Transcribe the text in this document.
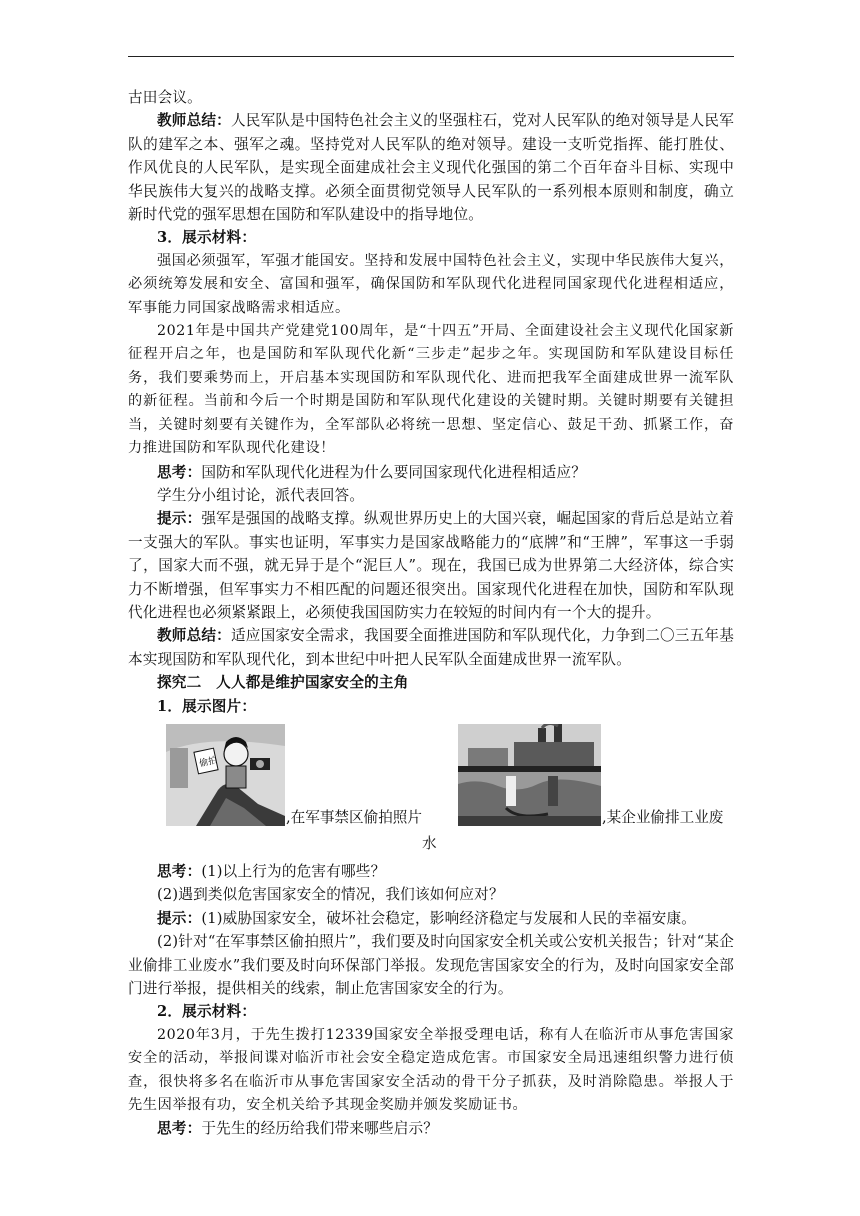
古田会议。

教师总结：人民军队是中国特色社会主义的坚强柱石，党对人民军队的绝对领导是人民军队的建军之本、强军之魂。坚持党对人民军队的绝对领导。建设一支听党指挥、能打胜仗、作风优良的人民军队，是实现全面建成社会主义现代化强国的第二个百年奋斗目标、实现中华民族伟大复兴的战略支撑。必须全面贯彻党领导人民军队的一系列根本原则和制度，确立新时代党的强军思想在国防和军队建设中的指导地位。

3．展示材料：

强国必须强军，军强才能国安。坚持和发展中国特色社会主义，实现中华民族伟大复兴，必须统筹发展和安全、富国和强军，确保国防和军队现代化进程同国家现代化进程相适应，军事能力同国家战略需求相适应。

2021年是中国共产党建党100周年，是“十四五”开局、全面建设社会主义现代化国家新征程开启之年，也是国防和军队现代化新“三步走”起步之年。实现国防和军队建设目标任务，我们要乘势而上，开启基本实现国防和军队现代化、进而把我军全面建成世界一流军队的新征程。当前和今后一个时期是国防和军队现代化建设的关键时期。关键时期要有关键担当，关键时刻要有关键作为，全军部队必将统一思想、坚定信心、鼓足干劲、抓紧工作，奋力推进国防和军队现代化建设！

思考：国防和军队现代化进程为什么要同国家现代化进程相适应？

学生分小组讨论，派代表回答。

提示：强军是强国的战略支撑。纵观世界历史上的大国兴衰，崛起国家的背后总是站立着一支强大的军队。事实也证明，军事实力是国家战略能力的“底牌”和“王牌”，军事这一手弱了，国家大而不强，就无异于是个“泥巨人”。现在，我国已成为世界第二大经济体，综合实力不断增强，但军事实力不相匹配的问题还很突出。国家现代化进程在加快，国防和军队现代化进程也必须紧紧跟上，必须使我国国防实力在较短的时间内有一个大的提升。

教师总结：适应国家安全需求，我国要全面推进国防和军队现代化，力争到二〇三五年基本实现国防和军队现代化，到本世纪中叶把人民军队全面建成世界一流军队。

探究二　人人都是维护国家安全的主角

1．展示图片：

偷拍
,在军事禁区偷拍照片	,某企业偷排工业废
水

思考：(1)以上行为的危害有哪些？

(2)遇到类似危害国家安全的情况，我们该如何应对？

提示：(1)威胁国家安全，破坏社会稳定，影响经济稳定与发展和人民的幸福安康。

(2)针对“在军事禁区偷拍照片”，我们要及时向国家安全机关或公安机关报告；针对“某企业偷排工业废水”我们要及时向环保部门举报。发现危害国家安全的行为，及时向国家安全部门进行举报，提供相关的线索，制止危害国家安全的行为。

2．展示材料：

2020年3月，于先生拨打12339国家安全举报受理电话，称有人在临沂市从事危害国家安全的活动，举报间谍对临沂市社会安全稳定造成危害。市国家安全局迅速组织警力进行侦查，很快将多名在临沂市从事危害国家安全活动的骨干分子抓获，及时消除隐患。举报人于先生因举报有功，安全机关给予其现金奖励并颁发奖励证书。

思考：于先生的经历给我们带来哪些启示？
